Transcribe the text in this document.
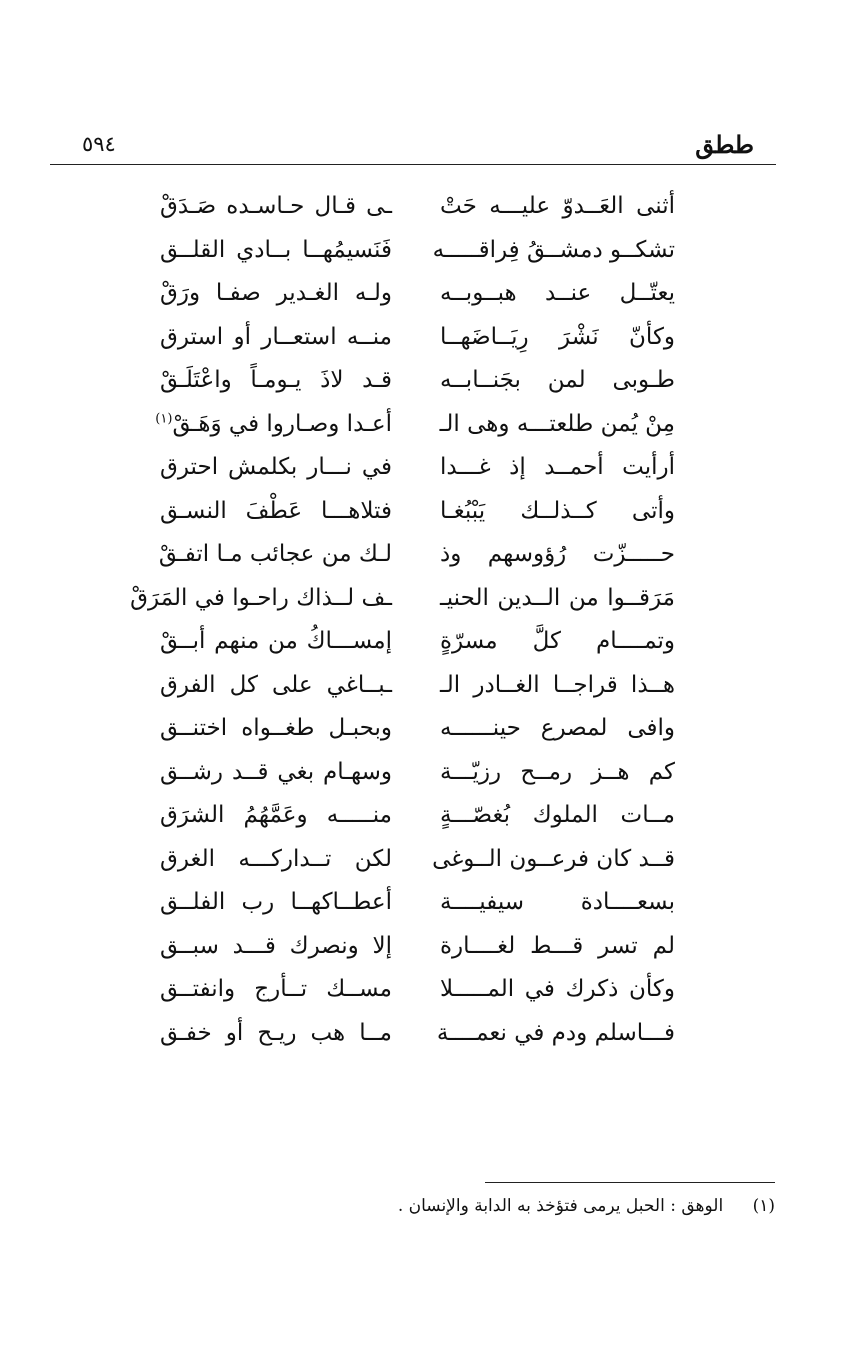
ططق
٥٩٤
أثنى العَــدوّ عليـــه حَتْ
ـى قـال حـاسـده صَـدَقْ
تشكــو دمشــقُ فِراقـــــه
فَنَسيمُهــا بــادي القلــق
يعتّــل عنــد هبــوبــه
ولـه الغـدير صفـا ورَقْ
وكأنّ نَشْرَ رِيَــاضَهــا
منــه استعــار أو استرق
طـوبى لمن بجَنــابــه
قـد لاذَ يـومـاً واعْتَلَـقْ
مِنْ يُمن طلعتـــه وهى الـ
أعـدا وصـاروا في وَهَـقْ$^{(١)}$
أرأيت أحمــد إذ غـــدا
في نـــار بكلمش احترق
وأتى كــذلــك يَبْبُغـا
فتلاهـــا عَطْفَ النسـق
حـــــزّت رُؤوسهم وذ
لـك من عجائب مـا اتفـقْ
مَرَقــوا من الــدين الحنيـ
ـف لــذاك راحـوا في المَرَقْ
وتمــــام كلَّ مسرّةٍ
إمســـاكُ من منهم أبــقْ
هــذا قراجــا الغــادر الـ
ـبــاغي على كل الفرق
وافى لمصرع حينــــــه
وبحبـل طغــواه اختنــق
كم هــز رمــح رزيّـــة
وسهـام بغي قــد رشــق
مــات الملوك بُغصّـــةٍ
منـــــه وعَمَّهُمُ الشرَق
قــد كان فرعــون الــوغى
لكن تــداركـــه الغرق
بسعــــادة سيفيــــة
أعطــاكهــا رب الفلــق
لم تسر قـــط لغــــارة
إلا ونصرك قـــد سبــق
وكأن ذكرك في المـــــلا
مســك تــأرج وانفتــق
فـــاسلم ودم في نعمــــة
مــا هب ريـح أو خفـق
(١) الوهق : الحبل يرمى فتؤخذ به الدابة والإنسان .
